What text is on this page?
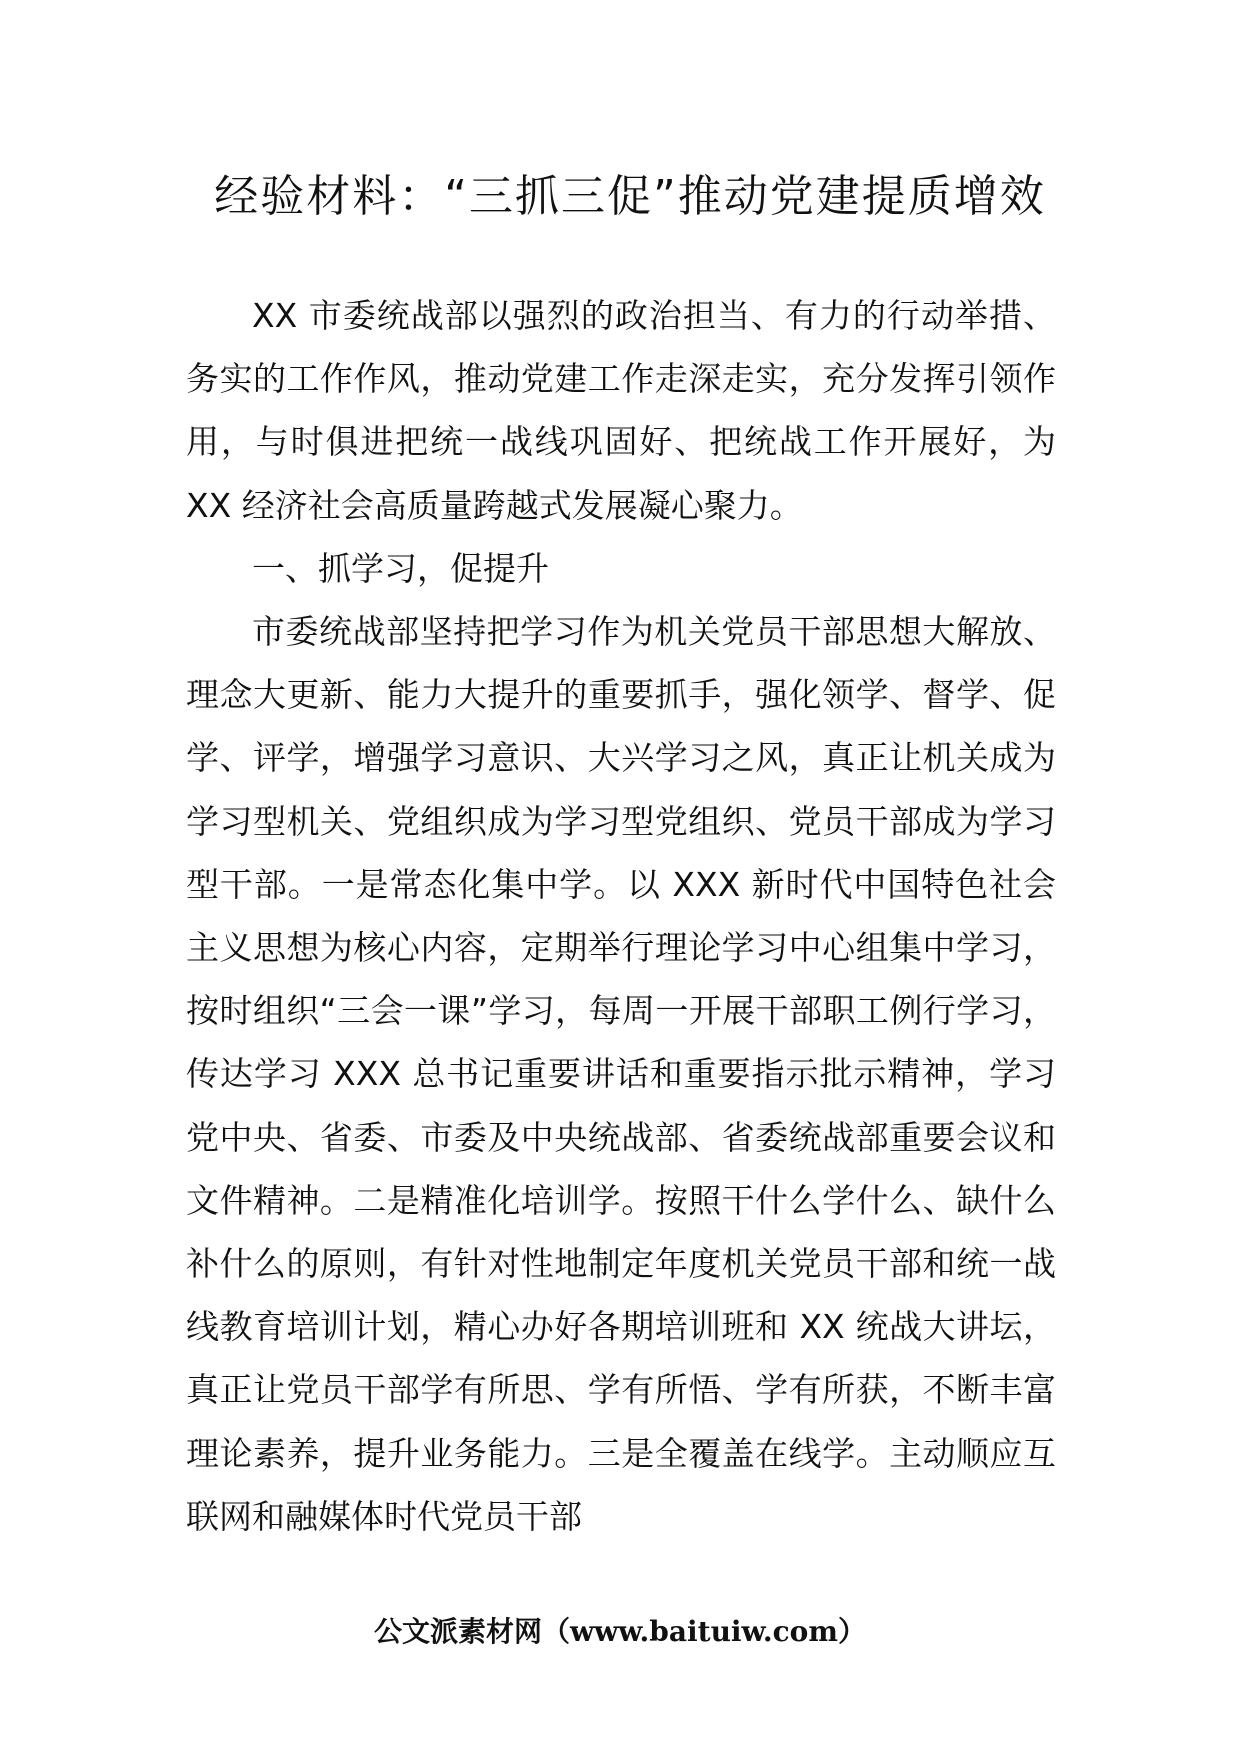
经验材料：“三抓三促”推动党建提质增效

XX 市委统战部以强烈的政治担当、有力的行动举措、务实的工作作风，推动党建工作走深走实，充分发挥引领作用，与时俱进把统一战线巩固好、把统战工作开展好，为 XX 经济社会高质量跨越式发展凝心聚力。

一、抓学习，促提升

市委统战部坚持把学习作为机关党员干部思想大解放、理念大更新、能力大提升的重要抓手，强化领学、督学、促学、评学，增强学习意识、大兴学习之风，真正让机关成为学习型机关、党组织成为学习型党组织、党员干部成为学习型干部。一是常态化集中学。以 XXX 新时代中国特色社会主义思想为核心内容，定期举行理论学习中心组集中学习，按时组织“三会一课”学习，每周一开展干部职工例行学习，传达学习 XXX 总书记重要讲话和重要指示批示精神，学习党中央、省委、市委及中央统战部、省委统战部重要会议和文件精神。二是精准化培训学。按照干什么学什么、缺什么补什么的原则，有针对性地制定年度机关党员干部和统一战线教育培训计划，精心办好各期培训班和 XX 统战大讲坛，真正让党员干部学有所思、学有所悟、学有所获，不断丰富理论素养，提升业务能力。三是全覆盖在线学。主动顺应互联网和融媒体时代党员干部

公文派素材网（www.baituiw.com）
